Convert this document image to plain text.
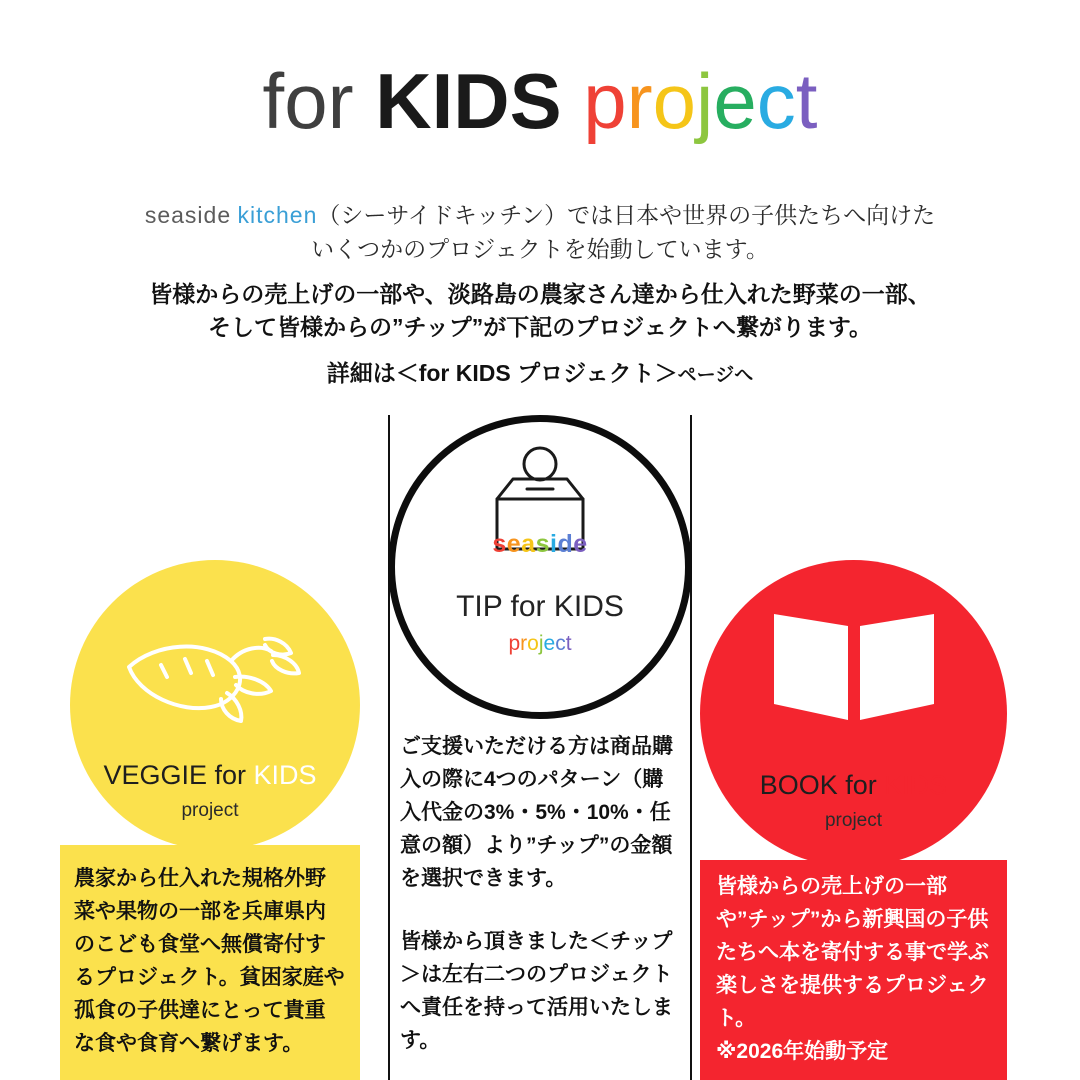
for KIDS project
seaside kitchen（シーサイドキッチン）では日本や世界の子供たちへ向けた
いくつかのプロジェクトを始動しています。
皆様からの売上げの一部や、淡路島の農家さん達から仕入れた野菜の一部、
そして皆様からの”チップ”が下記のプロジェクトへ繋がります。
詳細は＜for KIDS プロジェクト＞ページへ
VEGGIE for KIDS
project
農家から仕入れた規格外野菜や果物の一部を兵庫県内のこども食堂へ無償寄付するプロジェクト。貧困家庭や孤食の子供達にとって貴重な食や食育へ繋げます。
seaside
TIP for KIDS
project
ご支援いただける方は商品購入の際に4つのパターン（購入代金の3%・5%・10%・任意の額）より”チップ”の金額を選択できます。
皆様から頂きました＜チップ＞は左右二つのプロジェクトへ責任を持って活用いたします。
BOOK for KIDS
project
皆様からの売上げの一部や”チップ”から新興国の子供たちへ本を寄付する事で学ぶ楽しさを提供するプロジェクト。
※2026年始動予定
